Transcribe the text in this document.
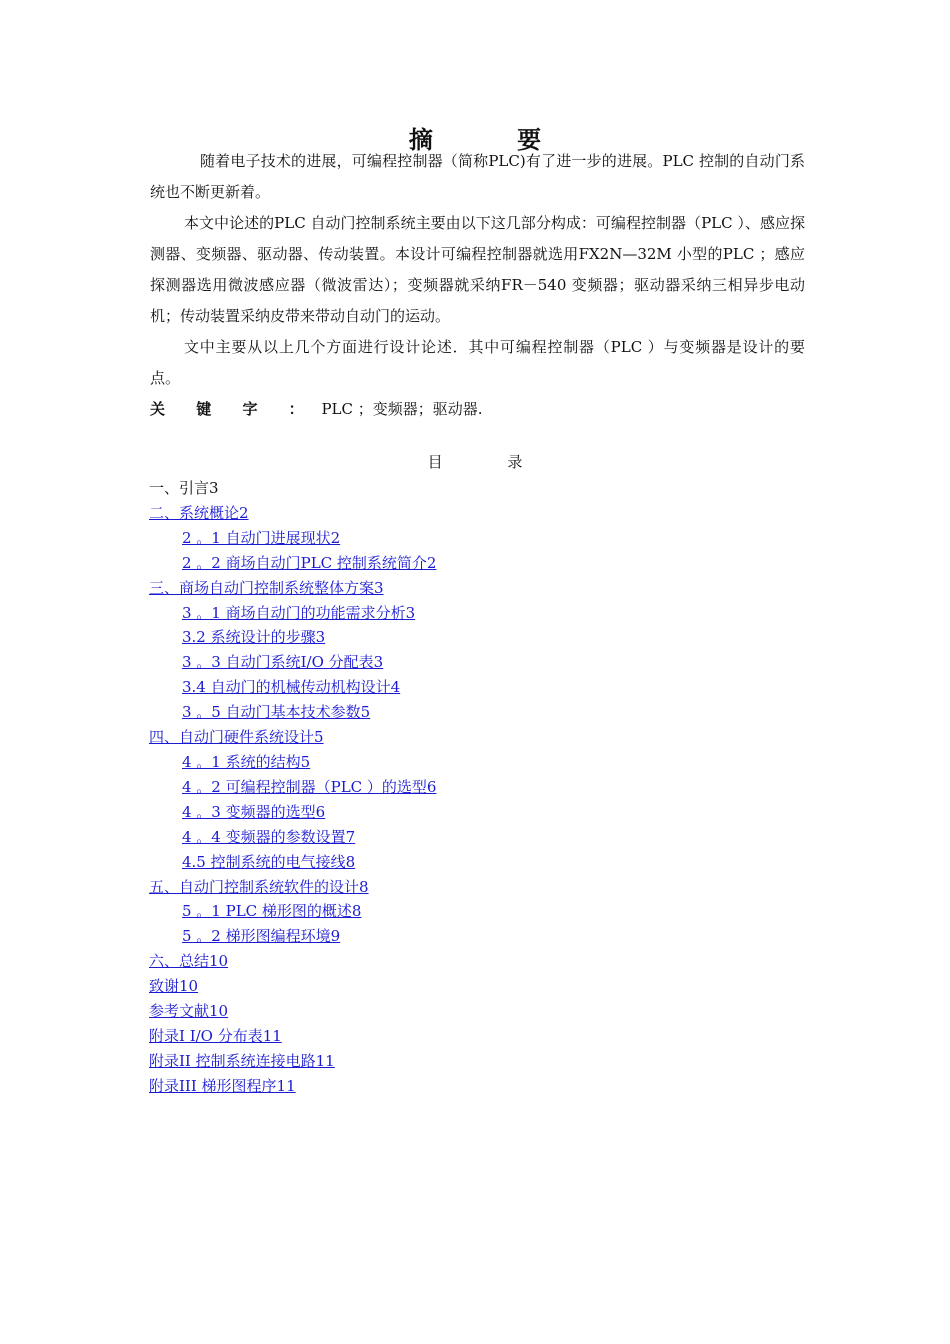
摘 要

随着电子技术的进展，可编程控制器（简称PLC)有了进一步的进展。PLC 控制的自动门系统也不断更新着。

本文中论述的PLC 自动门控制系统主要由以下这几部分构成：可编程控制器（PLC ）、感应探测器、变频器、驱动器、传动装置。本设计可编程控制器就选用FX2N—32M 小型的PLC ；感应探测器选用微波感应器（微波雷达）；变频器就采纳FR－540 变频器；驱动器采纳三相异步电动机；传动装置采纳皮带来带动自动门的运动。

文中主要从以上几个方面进行设计论述．其中可编程控制器（PLC ）与变频器是设计的要点。

关 键 字 ： PLC ；变频器；驱动器.

目 录
一、引言3
二、系统概论2
2 。1 自动门进展现状2
2 。2 商场自动门PLC 控制系统简介2
三、商场自动门控制系统整体方案3
3 。1 商场自动门的功能需求分析3
3.2 系统设计的步骤3
3 。3 自动门系统I/O 分配表3
3.4 自动门的机械传动机构设计4
3 。5 自动门基本技术参数5
四、自动门硬件系统设计5
4 。1 系统的结构5
4 。2 可编程控制器（PLC ）的选型6
4 。3 变频器的选型6
4 。4 变频器的参数设置7
4.5 控制系统的电气接线8
五、自动门控制系统软件的设计8
5 。1 PLC 梯形图的概述8
5 。2 梯形图编程环境9
六、总结10
致谢10
参考文献10
附录I I/O 分布表11
附录II 控制系统连接电路11
附录III 梯形图程序11
